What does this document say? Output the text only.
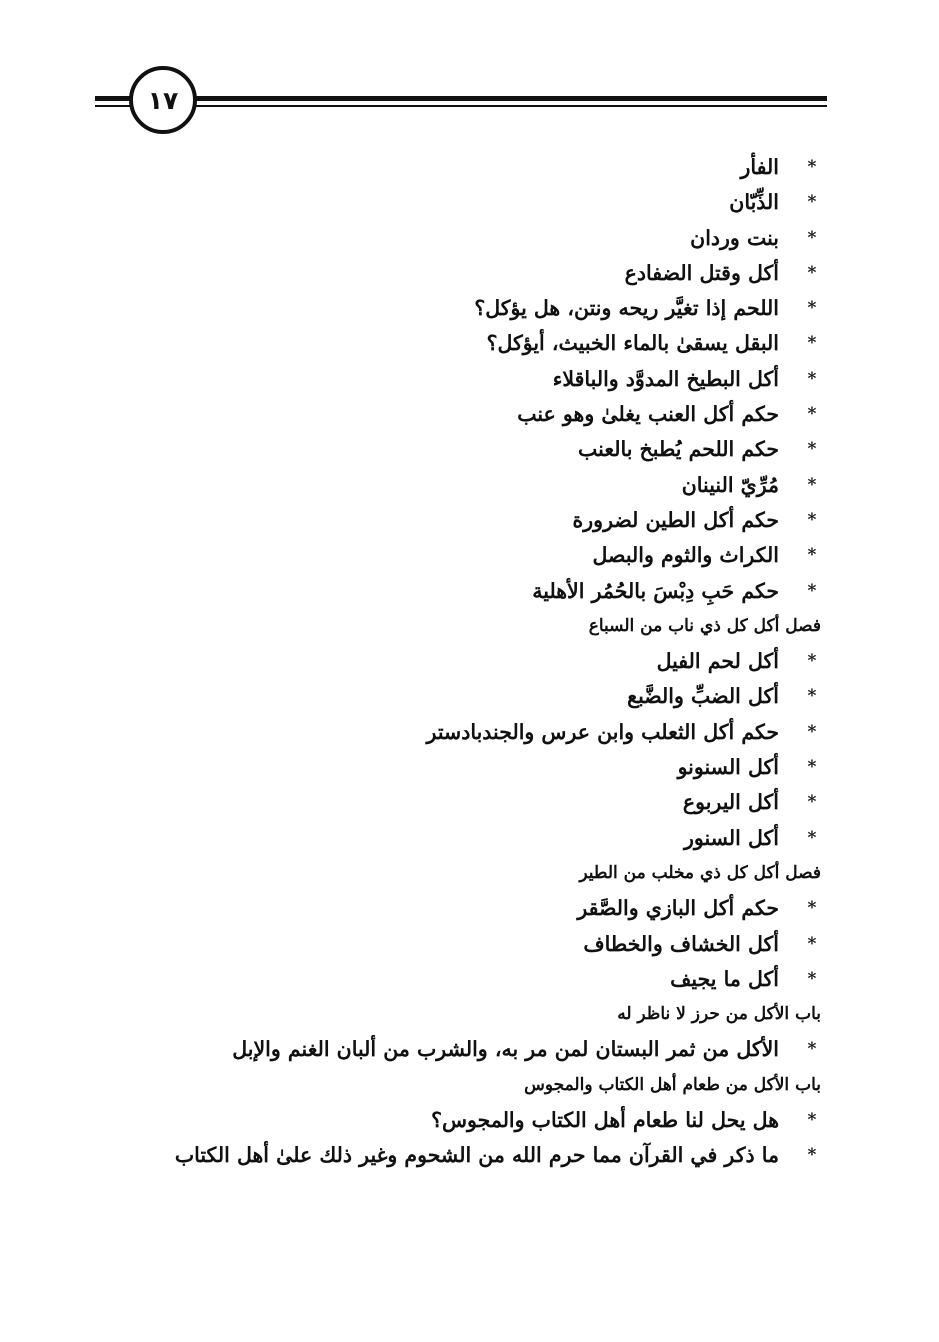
١٧
*
الفأر
*
الذِّبّان
*
بنت وردان
*
أكل وقتل الضفادع
*
اللحم إذا تغيَّر ريحه ونتن، هل يؤكل؟
*
البقل يسقىٰ بالماء الخبيث، أيؤكل؟
*
أكل البطيخ المدوَّد والباقلاء
*
حكم أكل العنب يغلىٰ وهو عنب
*
حكم اللحم يُطبخ بالعنب
*
مُرِّيّ النينان
*
حكم أكل الطين لضرورة
*
الكراث والثوم والبصل
*
حكم حَبِ دِبْسَ بالحُمُر الأهلية
فصل أكل كل ذي ناب من السباع
*
أكل لحم الفيل
*
أكل الضبِّ والضَّبع
*
حكم أكل الثعلب وابن عرس والجندبادستر
*
أكل السنونو
*
أكل اليربوع
*
أكل السنور
فصل أكل كل ذي مخلب من الطير
*
حكم أكل البازي والصَّقر
*
أكل الخشاف والخطاف
*
أكل ما يجيف
باب الأكل من حرز لا ناظر له
*
الأكل من ثمر البستان لمن مر به، والشرب من ألبان الغنم والإبل
باب الأكل من طعام أهل الكتاب والمجوس
*
هل يحل لنا طعام أهل الكتاب والمجوس؟
*
ما ذكر في القرآن مما حرم الله من الشحوم وغير ذلك علىٰ أهل الكتاب
